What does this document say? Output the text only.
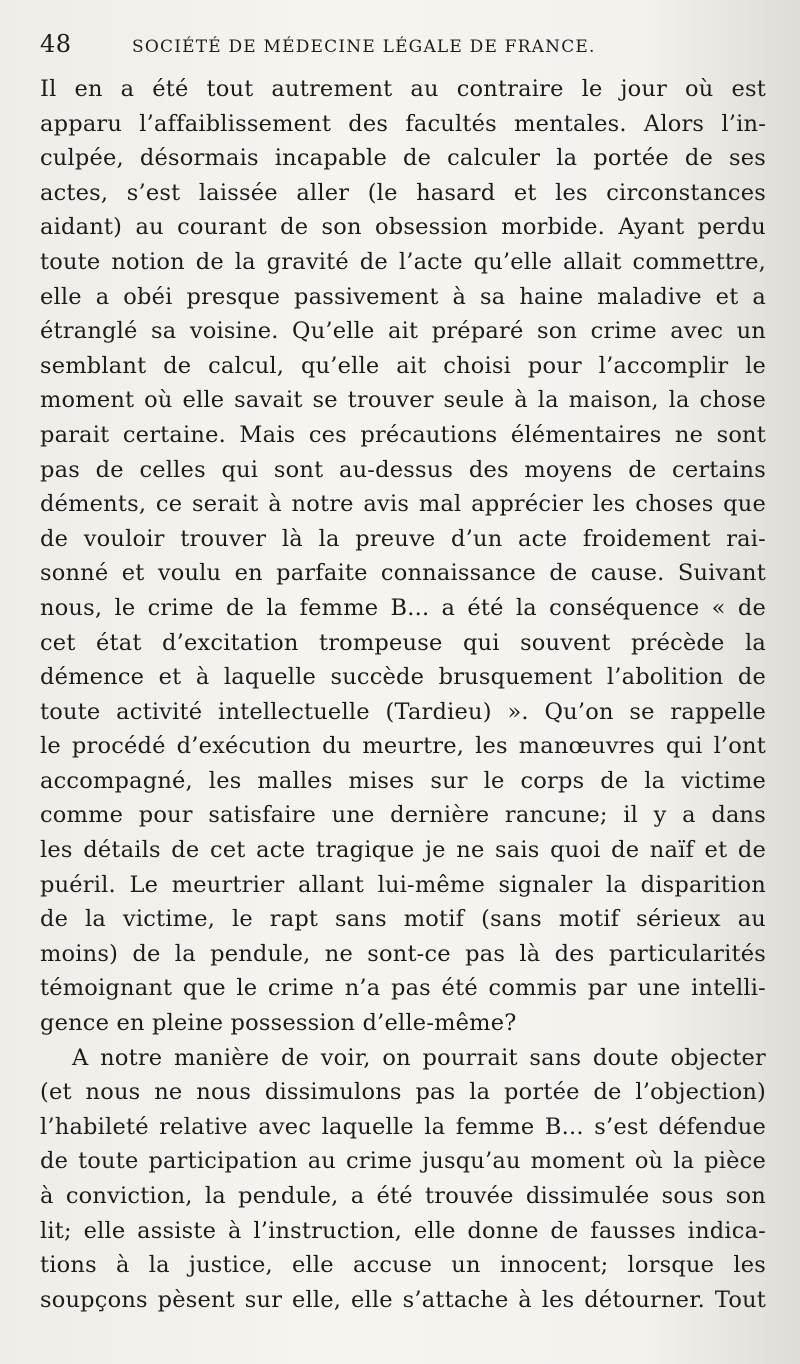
48	SOCIÉTÉ DE MÉDECINE LÉGALE DE FRANCE.
Il en a été tout autrement au contraire le jour où est
apparu l’affaiblissement des facultés mentales. Alors l’in-
culpée, désormais incapable de calculer la portée de ses
actes, s’est laissée aller (le hasard et les circonstances
aidant) au courant de son obsession morbide. Ayant perdu
toute notion de la gravité de l’acte qu’elle allait commettre,
elle a obéi presque passivement à sa haine maladive et a
étranglé sa voisine. Qu’elle ait préparé son crime avec un
semblant de calcul, qu’elle ait choisi pour l’accomplir le
moment où elle savait se trouver seule à la maison, la chose
parait certaine. Mais ces précautions élémentaires ne sont
pas de celles qui sont au-dessus des moyens de certains
déments, ce serait à notre avis mal apprécier les choses que
de vouloir trouver là la preuve d’un acte froidement rai-
sonné et voulu en parfaite connaissance de cause. Suivant
nous, le crime de la femme B... a été la conséquence « de
cet état d’excitation trompeuse qui souvent précède la
démence et à laquelle succède brusquement l’abolition de
toute activité intellectuelle (Tardieu) ». Qu’on se rappelle
le procédé d’exécution du meurtre, les manœuvres qui l’ont
accompagné, les malles mises sur le corps de la victime
comme pour satisfaire une dernière rancune; il y a dans
les détails de cet acte tragique je ne sais quoi de naïf et de
puéril. Le meurtrier allant lui-même signaler la disparition
de la victime, le rapt sans motif (sans motif sérieux au
moins) de la pendule, ne sont-ce pas là des particularités
témoignant que le crime n’a pas été commis par une intelli-
gence en pleine possession d’elle-même?
A notre manière de voir, on pourrait sans doute objecter
(et nous ne nous dissimulons pas la portée de l’objection)
l’habileté relative avec laquelle la femme B... s’est défendue
de toute participation au crime jusqu’au moment où la pièce
à conviction, la pendule, a été trouvée dissimulée sous son
lit; elle assiste à l’instruction, elle donne de fausses indica-
tions à la justice, elle accuse un innocent; lorsque les
soupçons pèsent sur elle, elle s’attache à les détourner. Tout
